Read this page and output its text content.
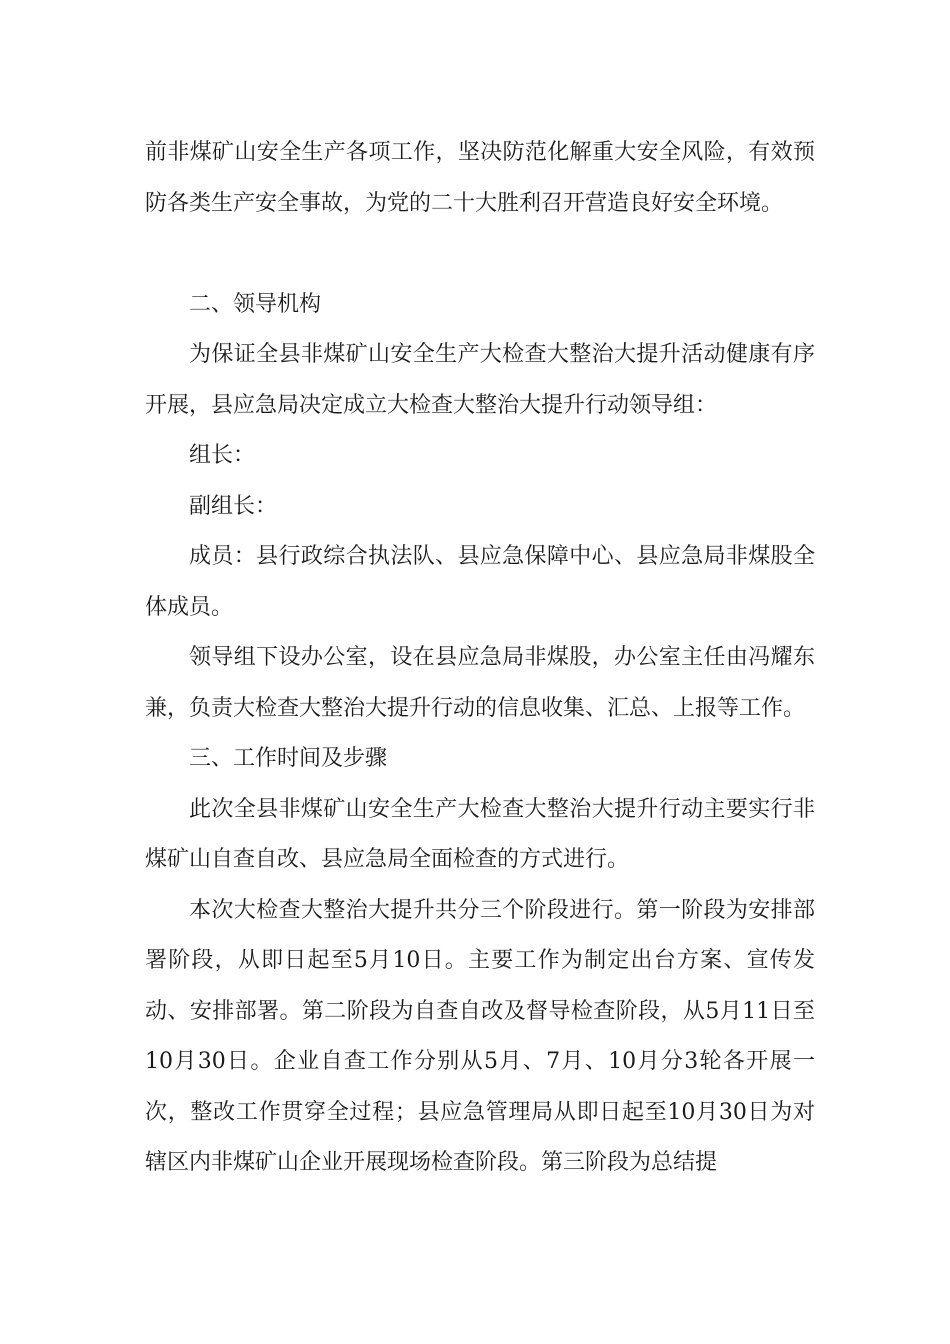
前非煤矿山安全生产各项工作，坚决防范化解重大安全风险，有效预防各类生产安全事故，为党的二十大胜利召开营造良好安全环境。

二、领导机构

为保证全县非煤矿山安全生产大检查大整治大提升活动健康有序开展，县应急局决定成立大检查大整治大提升行动领导组：

组长：

副组长：

成员：县行政综合执法队、县应急保障中心、县应急局非煤股全体成员。

领导组下设办公室，设在县应急局非煤股，办公室主任由冯耀东兼，负责大检查大整治大提升行动的信息收集、汇总、上报等工作。

三、工作时间及步骤

此次全县非煤矿山安全生产大检查大整治大提升行动主要实行非煤矿山自查自改、县应急局全面检查的方式进行。

本次大检查大整治大提升共分三个阶段进行。第一阶段为安排部署阶段，从即日起至5月10日。主要工作为制定出台方案、宣传发动、安排部署。第二阶段为自查自改及督导检查阶段，从5月11日至10月30日。企业自查工作分别从5月、7月、10月分3轮各开展一次，整改工作贯穿全过程；县应急管理局从即日起至10月30日为对辖区内非煤矿山企业开展现场检查阶段。第三阶段为总结提
